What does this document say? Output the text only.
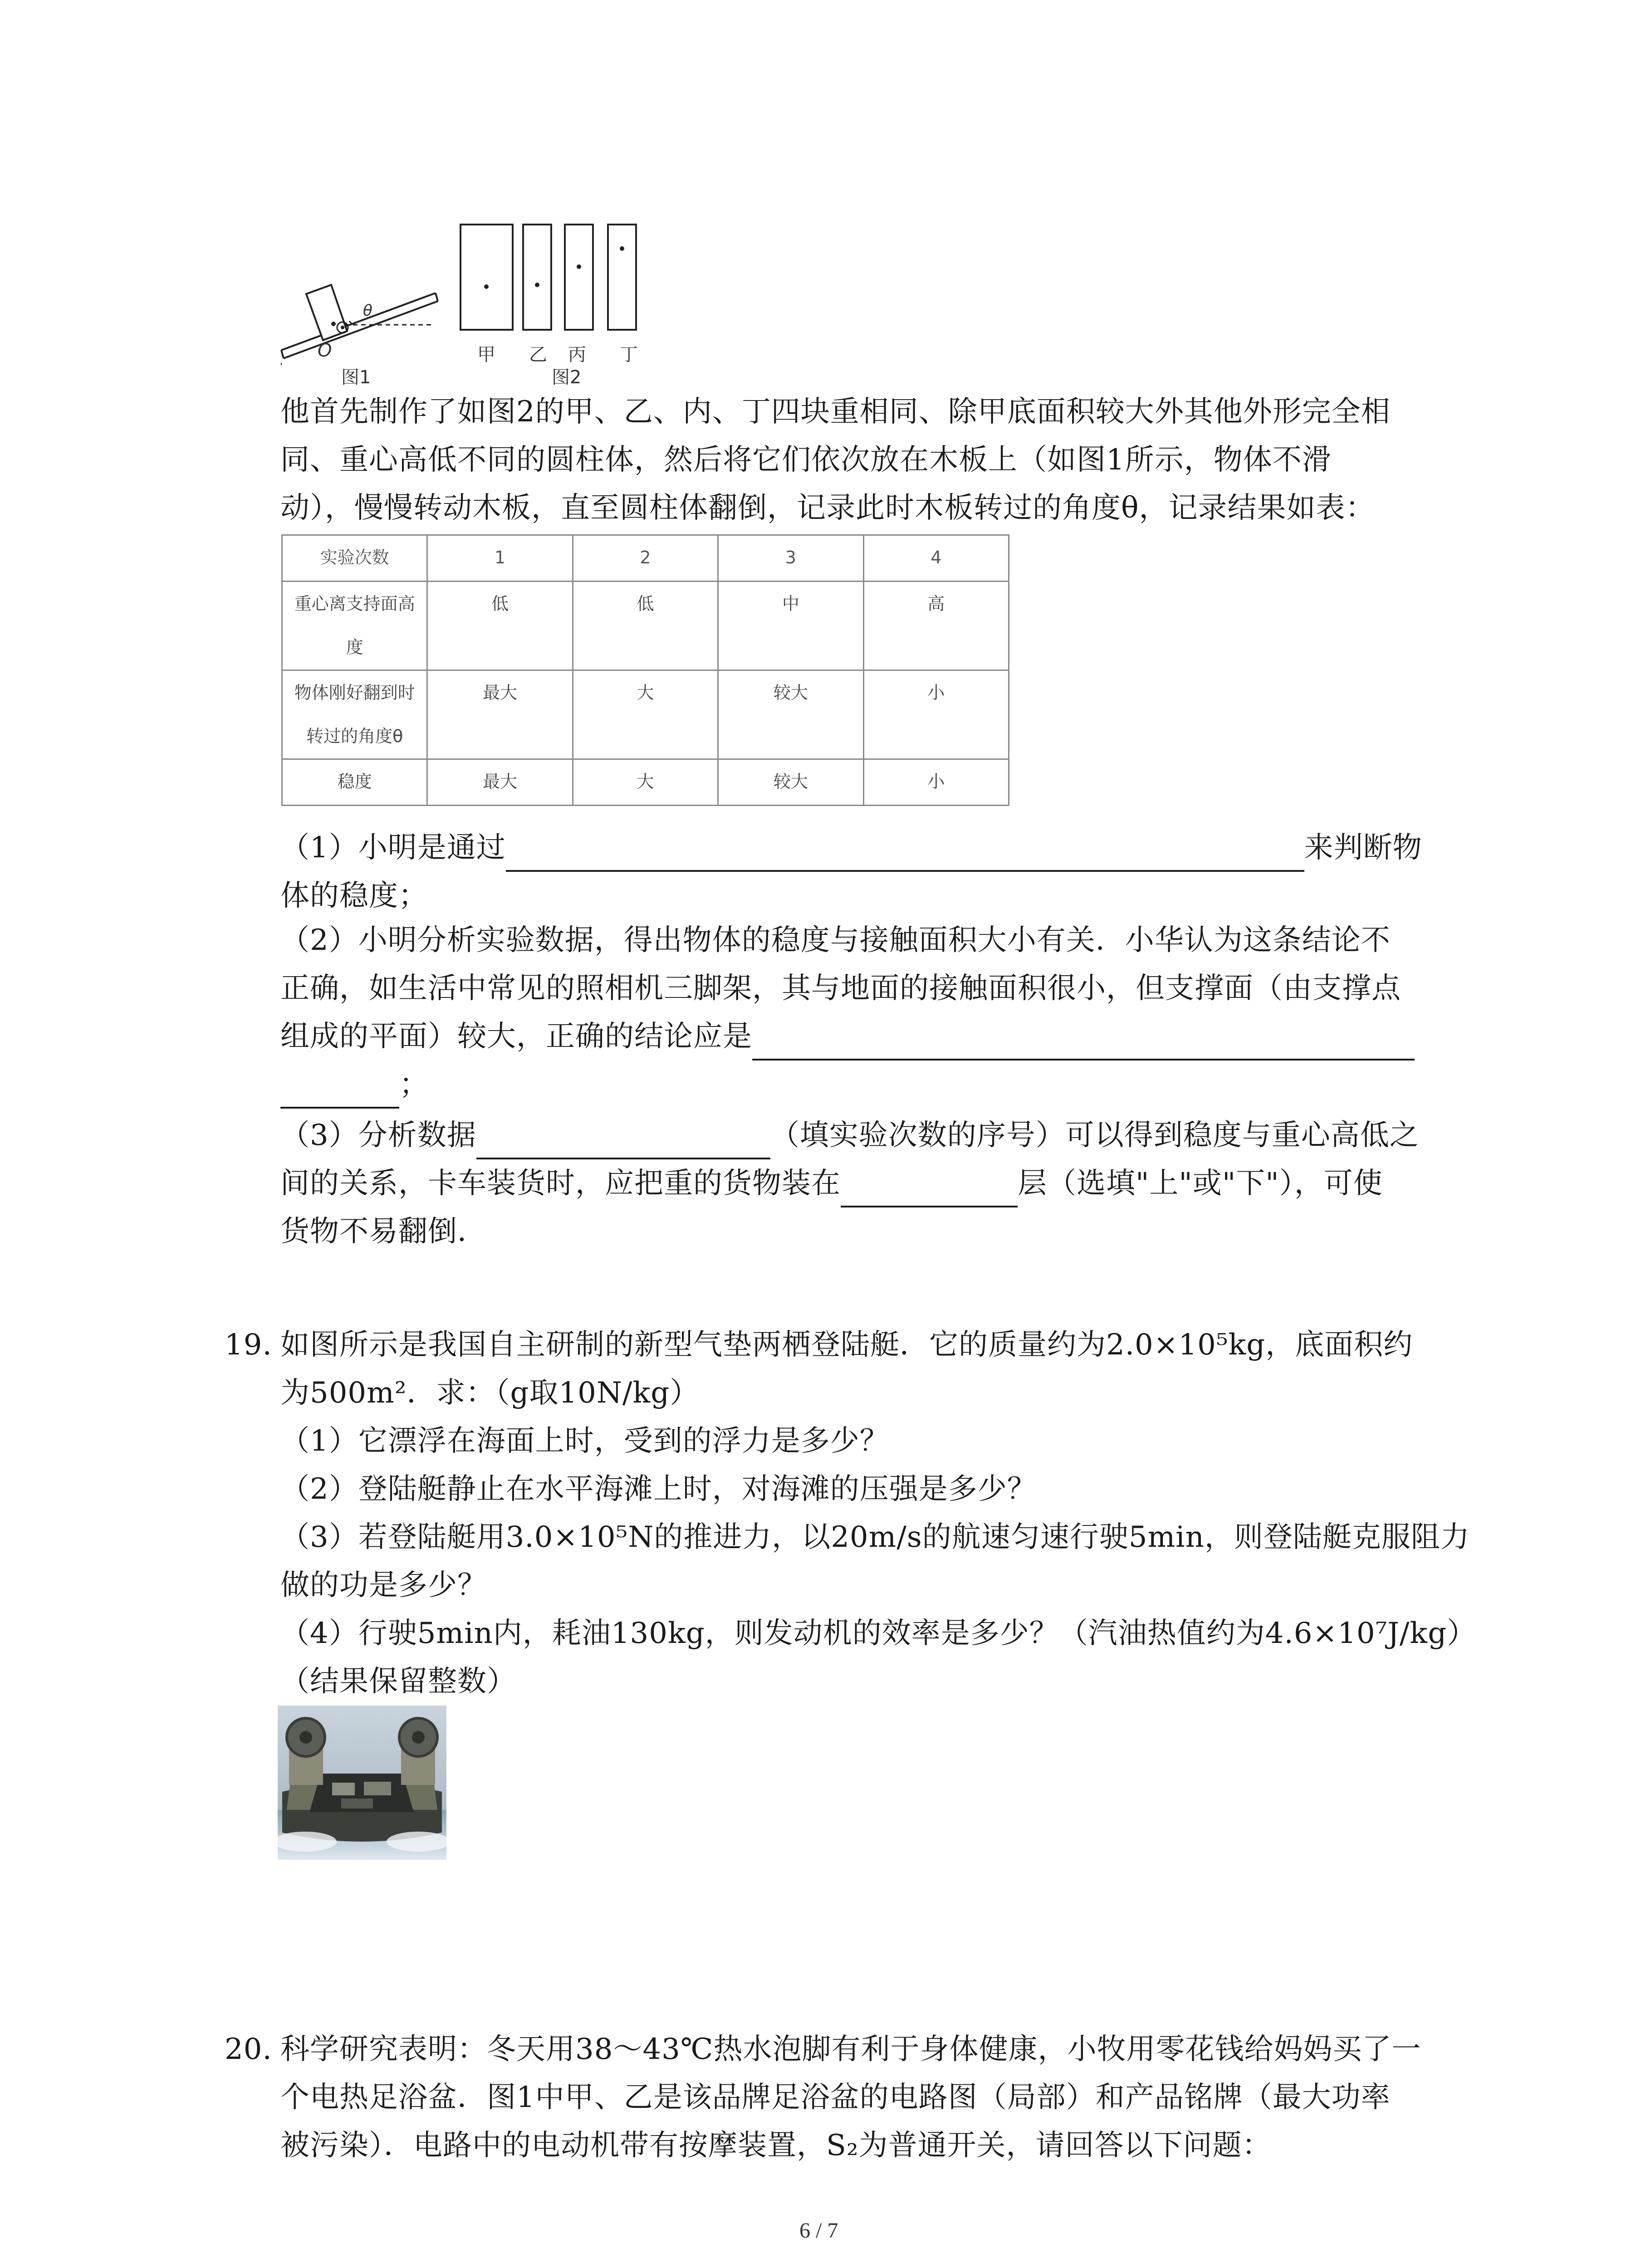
O
θ
图1
甲 乙 丙 丁
图2
他首先制作了如图2的甲、乙、内、丁四块重相同、除甲底面积较大外其他外形完全相
同、重心高低不同的圆柱体，然后将它们依次放在木板上（如图1所示，物体不滑
动），慢慢转动木板，直至圆柱体翻倒，记录此时木板转过的角度θ，记录结果如表：
实验次数	1	2	3	4

重心离支持面高
度	低	低	中	高

物体刚好翻到时
转过的角度θ	最大	大	较大	小

稳度	最大	大	较大	小
（1）小明是通过	来判断物
体的稳度；
（2）小明分析实验数据，得出物体的稳度与接触面积大小有关．小华认为这条结论不
正确，如生活中常见的照相机三脚架，其与地面的接触面积很小，但支撑面（由支撑点
组成的平面）较大，正确的结论应是
；
（3）分析数据	（填实验次数的序号）可以得到稳度与重心高低之
间的关系，卡车装货时，应把重的货物装在	层（选填"上"或"下"），可使
货物不易翻倒．
19. 如图所示是我国自主研制的新型气垫两栖登陆艇．它的质量约为2.0×10⁵kg，底面积约
为500m²．求：（g取10N/kg）
（1）它漂浮在海面上时，受到的浮力是多少？
（2）登陆艇静止在水平海滩上时，对海滩的压强是多少？
（3）若登陆艇用3.0×10⁵N的推进力，以20m/s的航速匀速行驶5min，则登陆艇克服阻力
做的功是多少？
（4）行驶5min内，耗油130kg，则发动机的效率是多少？（汽油热值约为4.6×10⁷J/kg）
（结果保留整数）
20. 科学研究表明：冬天用38～43℃热水泡脚有利于身体健康，小牧用零花钱给妈妈买了一
个电热足浴盆．图1中甲、乙是该品牌足浴盆的电路图（局部）和产品铭牌（最大功率
被污染）．电路中的电动机带有按摩装置，S₂为普通开关，请回答以下问题：
6 / 7
